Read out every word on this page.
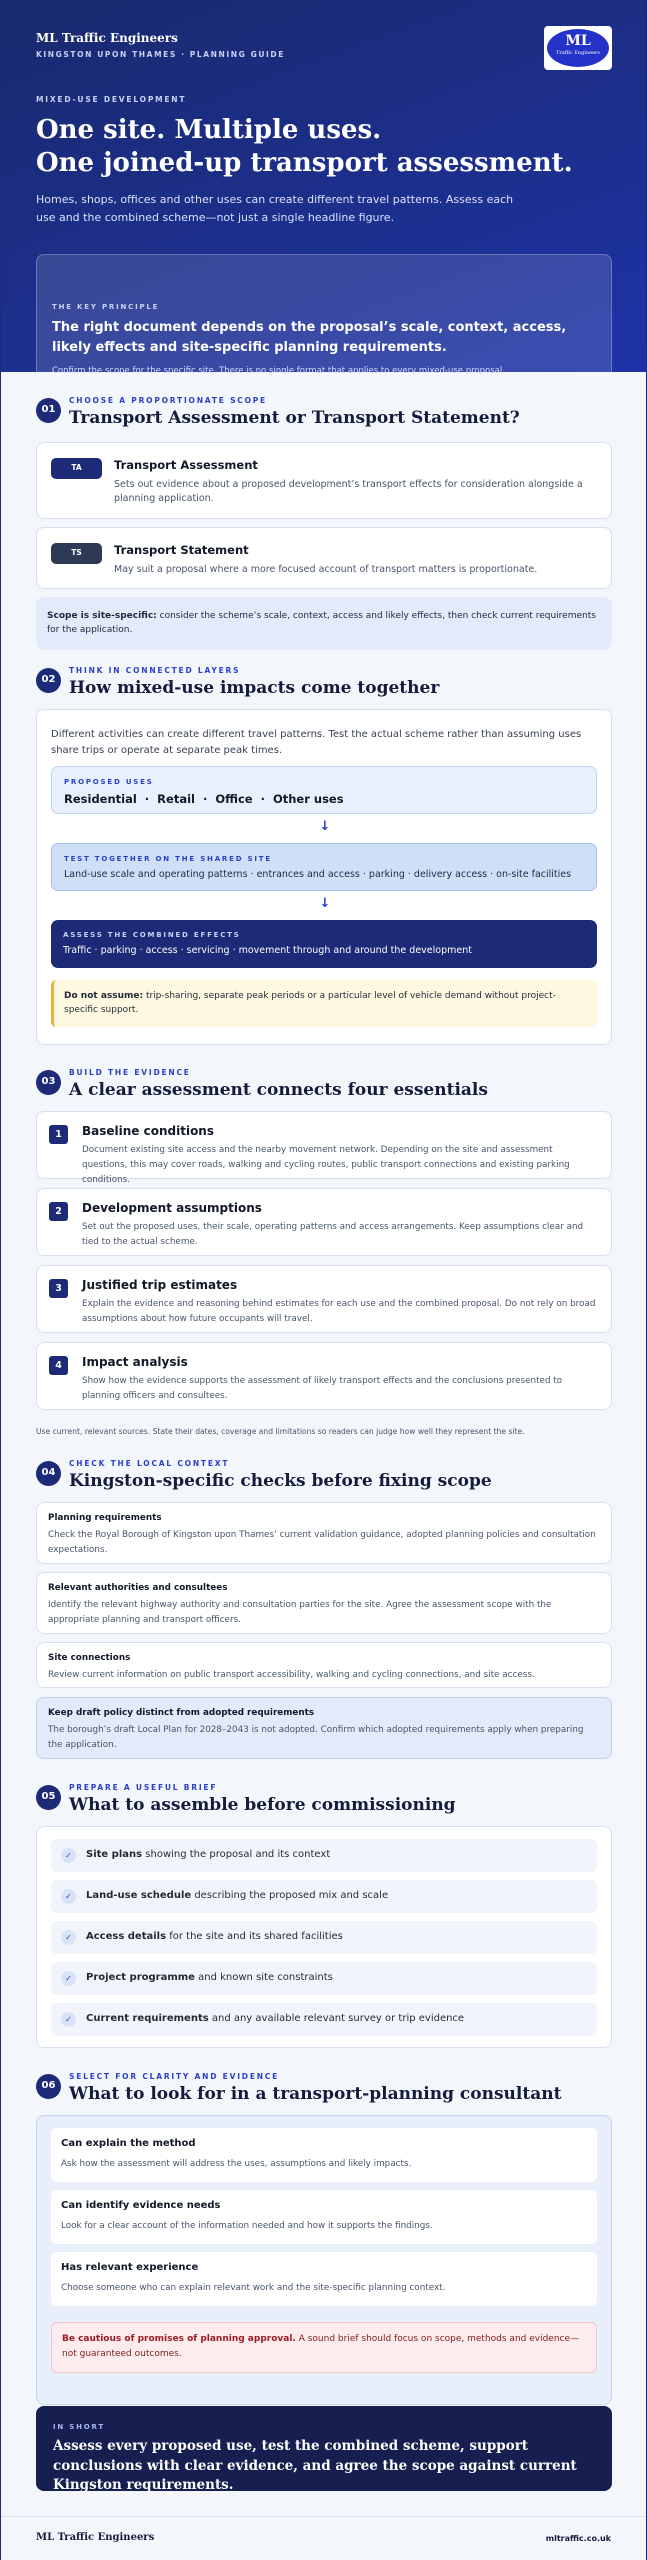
ML Traffic Engineers
KINGSTON UPON THAMES · PLANNING GUIDE
ML
Traffic Engineers
MIXED-USE DEVELOPMENT
One site. Multiple uses.
One joined-up transport assessment.

Homes, shops, offices and other uses can create different travel patterns. Assess each use and the combined scheme—not just a single headline figure.

THE KEY PRINCIPLE
The right document depends on the proposal’s scale, context, access, likely effects and site-specific planning requirements.
Confirm the scope for the specific site. There is no single format that applies to every mixed-use proposal.
01
CHOOSE A PROPORTIONATE SCOPE
Transport Assessment or Transport Statement?
TA	Transport Assessment
Sets out evidence about a proposed development’s transport effects for consideration alongside a planning application.
TS	Transport Statement
May suit a proposal where a more focused account of transport matters is proportionate.
Scope is site-specific: consider the scheme’s scale, context, access and likely effects, then check current requirements for the application.
02
THINK IN CONNECTED LAYERS
How mixed-use impacts come together
Different activities can create different travel patterns. Test the actual scheme rather than assuming uses share trips or operate at separate peak times.
PROPOSED USES
Residential  ·  Retail  ·  Office  ·  Other uses
↓
TEST TOGETHER ON THE SHARED SITE
Land-use scale and operating patterns · entrances and access · parking · delivery access · on-site facilities
↓
ASSESS THE COMBINED EFFECTS
Traffic · parking · access · servicing · movement through and around the development
Do not assume: trip-sharing, separate peak periods or a particular level of vehicle demand without project-specific support.
03
BUILD THE EVIDENCE
A clear assessment connects four essentials
1	Baseline conditions
Document existing site access and the nearby movement network. Depending on the site and assessment questions, this may cover roads, walking and cycling routes, public transport connections and existing parking conditions.
2	Development assumptions
Set out the proposed uses, their scale, operating patterns and access arrangements. Keep assumptions clear and tied to the actual scheme.
3	Justified trip estimates
Explain the evidence and reasoning behind estimates for each use and the combined proposal. Do not rely on broad assumptions about how future occupants will travel.
4	Impact analysis
Show how the evidence supports the assessment of likely transport effects and the conclusions presented to planning officers and consultees.
Use current, relevant sources. State their dates, coverage and limitations so readers can judge how well they represent the site.
04
CHECK THE LOCAL CONTEXT
Kingston-specific checks before fixing scope
Planning requirements
Check the Royal Borough of Kingston upon Thames’ current validation guidance, adopted planning policies and consultation expectations.
Relevant authorities and consultees
Identify the relevant highway authority and consultation parties for the site. Agree the assessment scope with the appropriate planning and transport officers.
Site connections
Review current information on public transport accessibility, walking and cycling connections, and site access.
Keep draft policy distinct from adopted requirements
The borough’s draft Local Plan for 2028–2043 is not adopted. Confirm which adopted requirements apply when preparing the application.
05
PREPARE A USEFUL BRIEF
What to assemble before commissioning
✓	Site plans showing the proposal and its context
✓	Land-use schedule describing the proposed mix and scale
✓	Access details for the site and its shared facilities
✓	Project programme and known site constraints
✓	Current requirements and any available relevant survey or trip evidence
06
SELECT FOR CLARITY AND EVIDENCE
What to look for in a transport-planning consultant
Can explain the method
Ask how the assessment will address the uses, assumptions and likely impacts.
Can identify evidence needs
Look for a clear account of the information needed and how it supports the findings.
Has relevant experience
Choose someone who can explain relevant work and the site-specific planning context.
Be cautious of promises of planning approval. A sound brief should focus on scope, methods and evidence—not guaranteed outcomes.
IN SHORT
Assess every proposed use, test the combined scheme, support conclusions with clear evidence, and agree the scope against current Kingston requirements.
ML Traffic Engineers	mltraffic.co.uk
